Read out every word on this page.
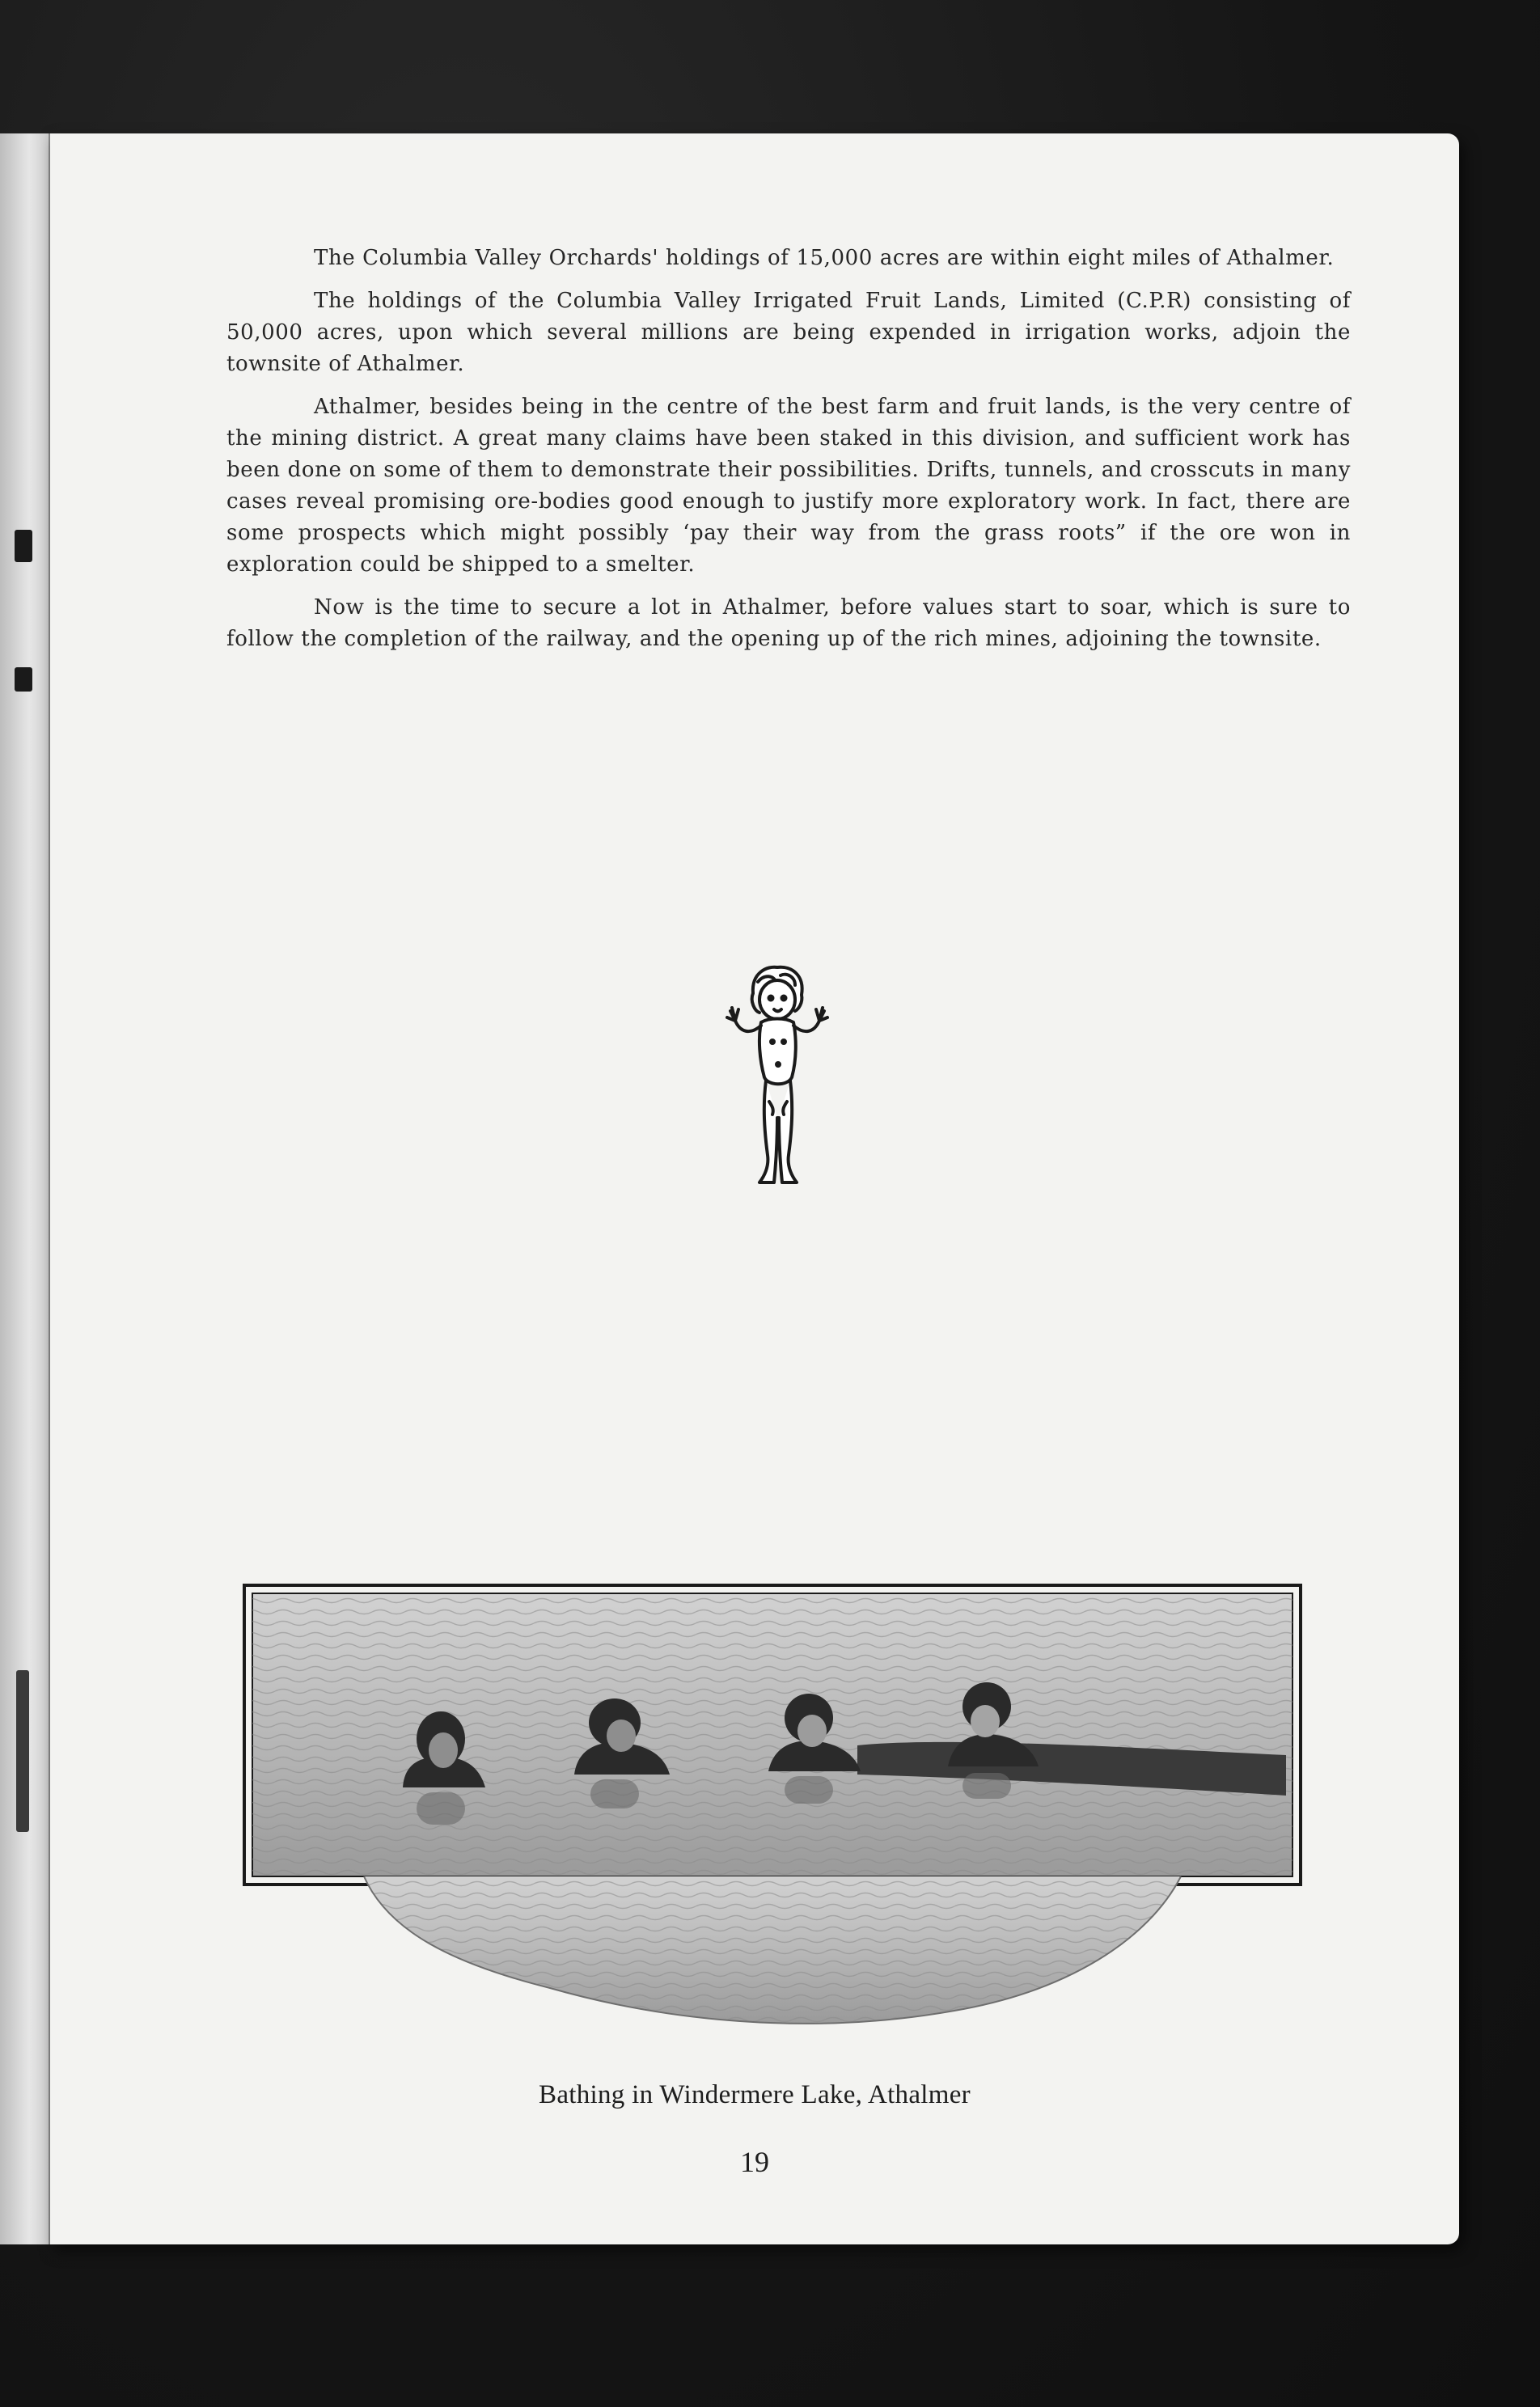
The Columbia Valley Orchards' holdings of 15,000 acres are within eight miles of Athalmer.

The holdings of the Columbia Valley Irrigated Fruit Lands, Limited (C.P.R) consisting of 50,000 acres, upon which several millions are being expended in irrigation works, adjoin the townsite of Athalmer.

Athalmer, besides being in the centre of the best farm and fruit lands, is the very centre of the mining district. A great many claims have been staked in this division, and sufficient work has been done on some of them to demonstrate their possibilities. Drifts, tunnels, and crosscuts in many cases reveal promising ore-bodies good enough to justify more exploratory work. In fact, there are some prospects which might possibly ‘pay their way from the grass roots” if the ore won in exploration could be shipped to a smelter.

Now is the time to secure a lot in Athalmer, before values start to soar, which is sure to follow the completion of the railway, and the opening up of the rich mines, adjoining the townsite.

Bathing in Windermere Lake, Athalmer
19
